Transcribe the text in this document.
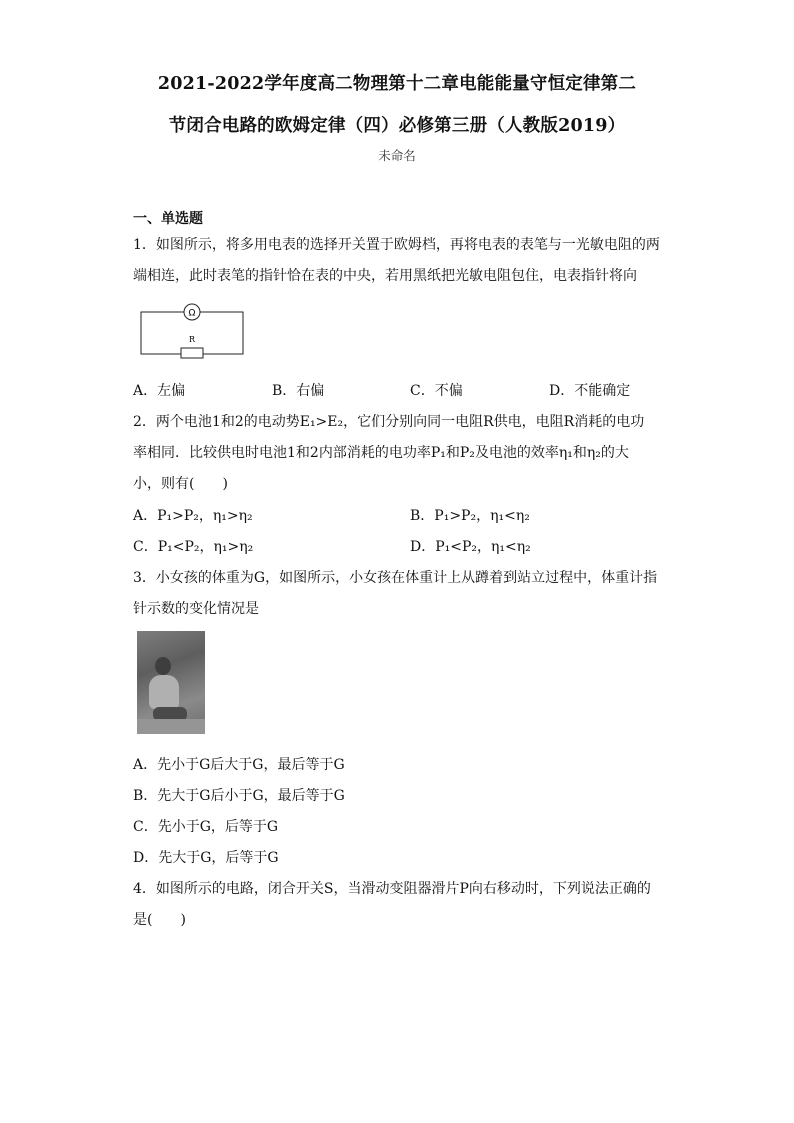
2021-2022学年度高二物理第十二章电能能量守恒定律第二
节闭合电路的欧姆定律（四）必修第三册（人教版2019）
未命名
一、单选题
1．如图所示，将多用电表的选择开关置于欧姆档，再将电表的表笔与一光敏电阻的两
端相连，此时表笔的指针恰在表的中央，若用黑纸把光敏电阻包住，电表指针将向
Ω
R
A．左偏	B．右偏	C．不偏	D．不能确定
2．两个电池1和2的电动势E₁>E₂，它们分别向同一电阻R供电，电阻R消耗的电功
率相同．比较供电时电池1和2内部消耗的电功率P₁和P₂及电池的效率η₁和η₂的大
小，则有(　　)
A．P₁>P₂，η₁>η₂	B．P₁>P₂，η₁<η₂
C．P₁<P₂，η₁>η₂	D．P₁<P₂，η₁<η₂
3．小女孩的体重为G，如图所示，小女孩在体重计上从蹲着到站立过程中，体重计指
针示数的变化情况是
A．先小于G后大于G，最后等于G
B．先大于G后小于G，最后等于G
C．先小于G，后等于G
D．先大于G，后等于G
4．如图所示的电路，闭合开关S，当滑动变阻器滑片P向右移动时，下列说法正确的
是(　　)
